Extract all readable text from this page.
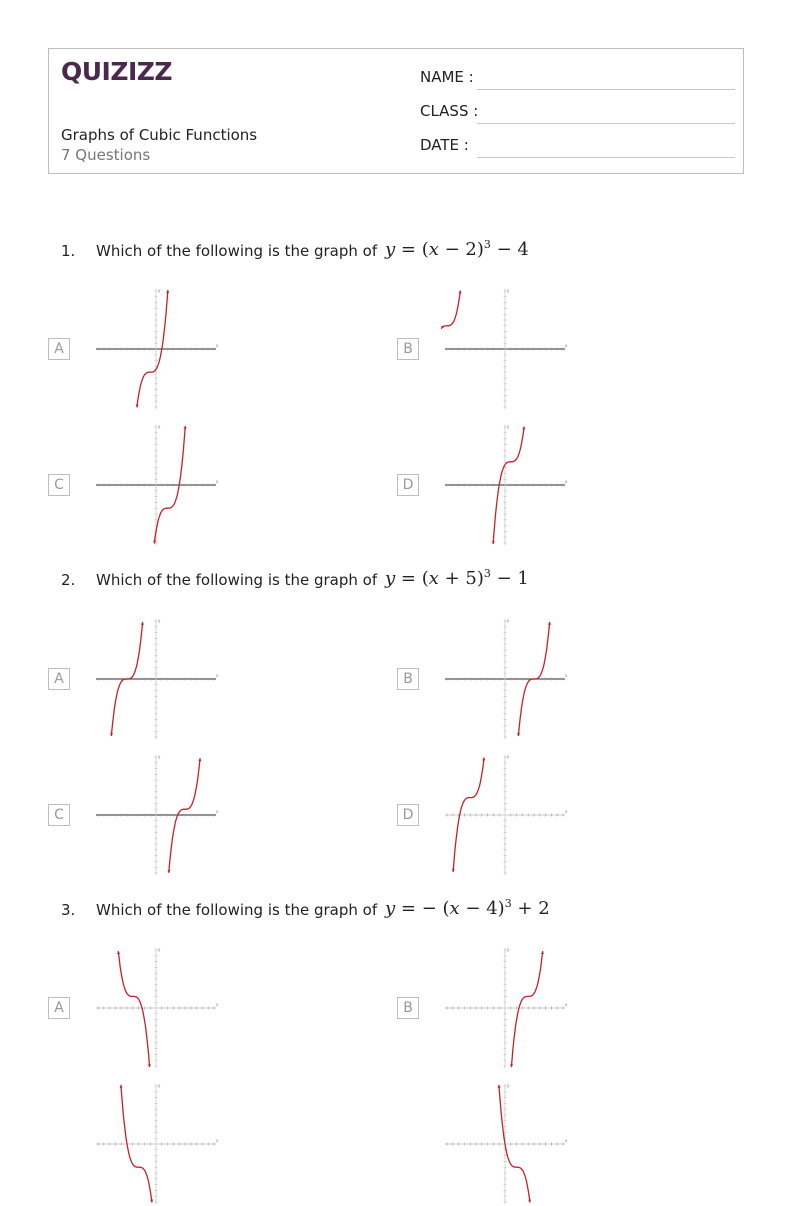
QUIZIZZ
Graphs of Cubic Functions
7 Questions
NAME :
CLASS :
DATE :
1.	Which of the following is the graph of $y = (x - 2)^3 - 4$
A	x
y
B	x
y
C	x
y
D	x
y
2.	Which of the following is the graph of $y = (x + 5)^3 - 1$
A	x
y
B	x
y
C	x
y
D	x
y
3.	Which of the following is the graph of y = − $(x - 4)^3 + 2$
A	x
y
B	x
y
x
y
x
y
